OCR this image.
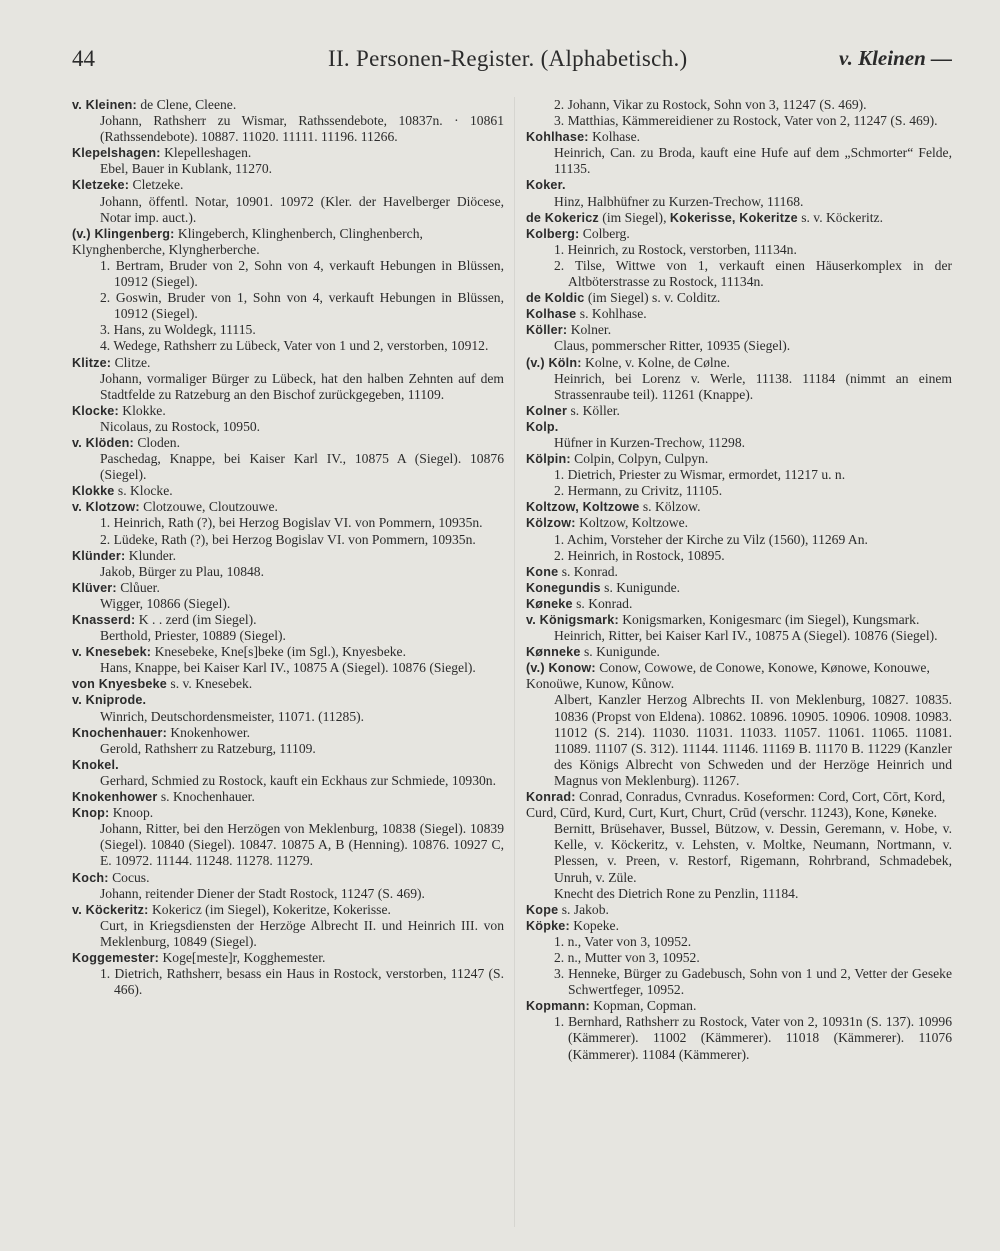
44	II. Personen-Register. (Alphabetisch.)	v. Kleinen —

v. Kleinen: de Clene, Cleene.

Johann, Rathsherr zu Wismar, Rathssendebote, 10837n. · 10861 (Rathssendebote). 10887. 11020. 11111. 11196. 11266.

Klepelshagen: Klepelleshagen.

Ebel, Bauer in Kublank, 11270.

Kletzeke: Cletzeke.

Johann, öffentl. Notar, 10901. 10972 (Kler. der Havelberger Diöcese, Notar imp. auct.).

(v.) Klingenberg: Klingeberch, Klinghenberch, Clinghenberch, Klynghenberche, Klyngherberche.

1. Bertram, Bruder von 2, Sohn von 4, verkauft Hebungen in Blüssen, 10912 (Siegel).

2. Goswin, Bruder von 1, Sohn von 4, verkauft Hebungen in Blüssen, 10912 (Siegel).

3. Hans, zu Woldegk, 11115.

4. Wedege, Rathsherr zu Lübeck, Vater von 1 und 2, verstorben, 10912.

Klitze: Clitze.

Johann, vormaliger Bürger zu Lübeck, hat den halben Zehnten auf dem Stadtfelde zu Ratzeburg an den Bischof zurückgegeben, 11109.

Klocke: Klokke.

Nicolaus, zu Rostock, 10950.

v. Klöden: Cloden.

Paschedag, Knappe, bei Kaiser Karl IV., 10875 A (Siegel). 10876 (Siegel).

Klokke s. Klocke.

v. Klotzow: Clotzouwe, Cloutzouwe.

1. Heinrich, Rath (?), bei Herzog Bogislav VI. von Pommern, 10935n.

2. Lüdeke, Rath (?), bei Herzog Bogislav VI. von Pommern, 10935n.

Klünder: Klunder.

Jakob, Bürger zu Plau, 10848.

Klüver: Clůuer.

Wigger, 10866 (Siegel).

Knasserd: K . . zerd (im Siegel).

Berthold, Priester, 10889 (Siegel).

v. Knesebek: Knesebeke, Kne[s]beke (im Sgl.), Knyesbeke.

Hans, Knappe, bei Kaiser Karl IV., 10875 A (Siegel). 10876 (Siegel).

von Knyesbeke s. v. Knesebek.

v. Kniprode.

Winrich, Deutschordensmeister, 11071. (11285).

Knochenhauer: Knokenhower.

Gerold, Rathsherr zu Ratzeburg, 11109.

Knokel.

Gerhard, Schmied zu Rostock, kauft ein Eckhaus zur Schmiede, 10930n.

Knokenhower s. Knochenhauer.

Knop: Knoop.

Johann, Ritter, bei den Herzögen von Meklenburg, 10838 (Siegel). 10839 (Siegel). 10840 (Siegel). 10847. 10875 A, B (Henning). 10876. 10927 C, E. 10972. 11144. 11248. 11278. 11279.

Koch: Cocus.

Johann, reitender Diener der Stadt Rostock, 11247 (S. 469).

v. Köckeritz: Kokericz (im Siegel), Kokeritze, Kokerisse.

Curt, in Kriegsdiensten der Herzöge Albrecht II. und Heinrich III. von Meklenburg, 10849 (Siegel).

Koggemester: Koge[meste]r, Kogghemester.

1. Dietrich, Rathsherr, besass ein Haus in Rostock, verstorben, 11247 (S. 466).

2. Johann, Vikar zu Rostock, Sohn von 3, 11247 (S. 469).

3. Matthias, Kämmereidiener zu Rostock, Vater von 2, 11247 (S. 469).

Kohlhase: Kolhase.

Heinrich, Can. zu Broda, kauft eine Hufe auf dem „Schmorter“ Felde, 11135.

Koker.

Hinz, Halbhüfner zu Kurzen-Trechow, 11168.

de Kokericz (im Siegel), Kokerisse, Kokeritze s. v. Köckeritz.

Kolberg: Colberg.

1. Heinrich, zu Rostock, verstorben, 11134n.

2. Tilse, Wittwe von 1, verkauft einen Häuserkomplex in der Altböterstrasse zu Rostock, 11134n.

de Koldic (im Siegel) s. v. Colditz.

Kolhase s. Kohlhase.

Köller: Kolner.

Claus, pommerscher Ritter, 10935 (Siegel).

(v.) Köln: Kolne, v. Kolne, de Cølne.

Heinrich, bei Lorenz v. Werle, 11138. 11184 (nimmt an einem Strassenraube teil). 11261 (Knappe).

Kolner s. Köller.

Kolp.

Hüfner in Kurzen-Trechow, 11298.

Kölpin: Colpin, Colpyn, Culpyn.

1. Dietrich, Priester zu Wismar, ermordet, 11217 u. n.

2. Hermann, zu Crivitz, 11105.

Koltzow, Koltzowe s. Kölzow.

Kölzow: Koltzow, Koltzowe.

1. Achim, Vorsteher der Kirche zu Vilz (1560), 11269 An.

2. Heinrich, in Rostock, 10895.

Kone s. Konrad.

Konegundis s. Kunigunde.

Køneke s. Konrad.

v. Königsmark: Konigsmarken, Konigesmarc (im Siegel), Kungsmark.

Heinrich, Ritter, bei Kaiser Karl IV., 10875 A (Siegel). 10876 (Siegel).

Kønneke s. Kunigunde.

(v.) Konow: Conow, Cowowe, de Conowe, Konowe, Kønowe, Konouwe, Konoüwe, Kunow, Kůnow.

Albert, Kanzler Herzog Albrechts II. von Meklenburg, 10827. 10835. 10836 (Propst von Eldena). 10862. 10896. 10905. 10906. 10908. 10983. 11012 (S. 214). 11030. 11031. 11033. 11057. 11061. 11065. 11081. 11089. 11107 (S. 312). 11144. 11146. 11169 B. 11170 B. 11229 (Kanzler des Königs Albrecht von Schweden und der Herzöge Heinrich und Magnus von Meklenburg). 11267.

Konrad: Conrad, Conradus, Cvnradus. Koseformen: Cord, Cort, Cōrt, Kord, Curd, Cūrd, Kurd, Curt, Kurt, Churt, Crūd (verschr. 11243), Kone, Køneke.

Bernitt, Brüsehaver, Bussel, Bützow, v. Dessin, Geremann, v. Hobe, v. Kelle, v. Köckeritz, v. Lehsten, v. Moltke, Neumann, Nortmann, v. Plessen, v. Preen, v. Restorf, Rigemann, Rohrbrand, Schmadebek, Unruh, v. Züle.

Knecht des Dietrich Rone zu Penzlin, 11184.

Kope s. Jakob.

Köpke: Kopeke.

1. n., Vater von 3, 10952.

2. n., Mutter von 3, 10952.

3. Henneke, Bürger zu Gadebusch, Sohn von 1 und 2, Vetter der Geseke Schwertfeger, 10952.

Kopmann: Kopman, Copman.

1. Bernhard, Rathsherr zu Rostock, Vater von 2, 10931n (S. 137). 10996 (Kämmerer). 11002 (Kämmerer). 11018 (Kämmerer). 11076 (Kämmerer). 11084 (Kämmerer).
